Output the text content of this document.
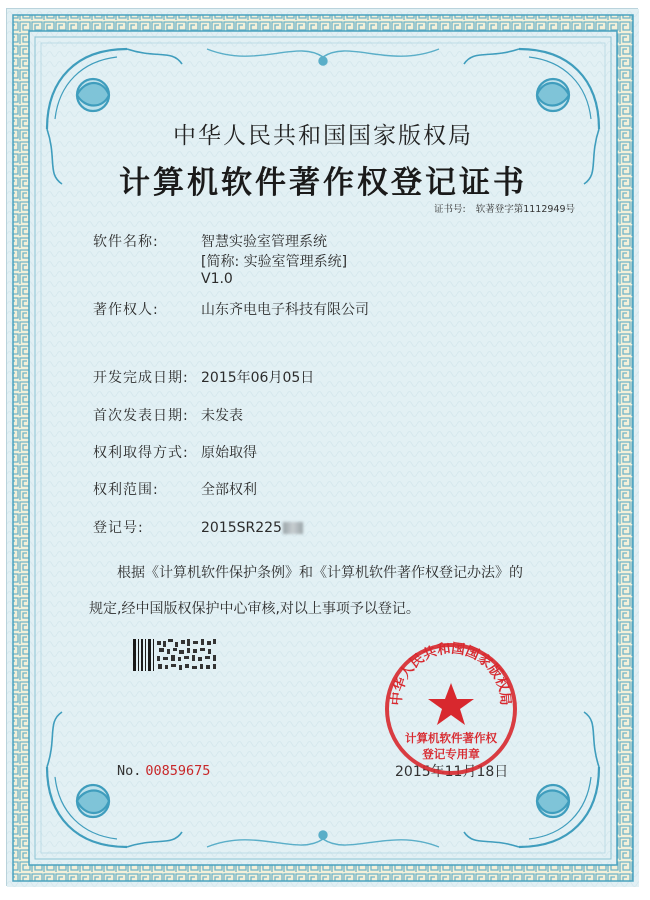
中华人民共和国国家版权局
计算机软件著作权登记证书
证书号: 软著登字第1112949号
软件名称:	智慧实验室管理系统
[简称: 实验室管理系统]
V1.0
著作权人:	山东齐电电子科技有限公司
开发完成日期: 2015年06月05日
首次发表日期: 未发表
权利取得方式: 原始取得
权利范围:	全部权利
登记号:	2015SR225

根据《计算机软件保护条例》和《计算机软件著作权登记办法》的

规定,经中国版权保护中心审核,对以上事项予以登记。

No. 00859675	2015年11月18日
中华人民共和国国家版权局
计算机软件著作权
登记专用章
